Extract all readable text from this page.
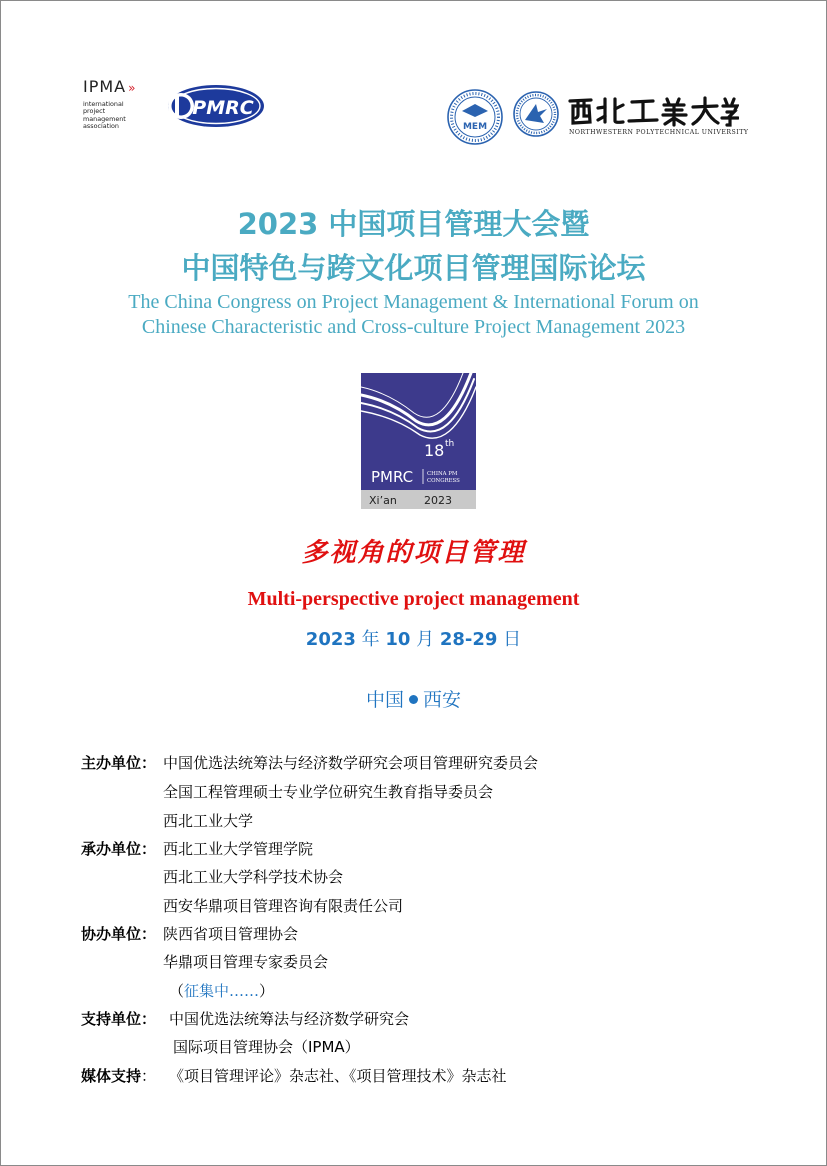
IPMA »
international
project
management
association
PMRC
MEM
NORTHWESTERN POLYTECHNICAL UNIVERSITY
2023 中国项目管理大会暨
中国特色与跨文化项目管理国际论坛
The China Congress on Project Management & International Forum on
Chinese Characteristic and Cross-culture Project Management 2023
18 th
PMRC	CHINA PM
CONGRESS
Xi’an 2023
多视角的项目管理
Multi-perspective project management
2023 年 10 月 28-29 日
中国 西安
主办单位： 中国优选法统筹法与经济数学研究会项目管理研究委员会
全国工程管理硕士专业学位研究生教育指导委员会
西北工业大学
承办单位： 西北工业大学管理学院
西北工业大学科学技术协会
西安华鼎项目管理咨询有限责任公司
协办单位： 陕西省项目管理协会
华鼎项目管理专家委员会
（征集中……）
支持单位： 中国优选法统筹法与经济数学研究会
国际项目管理协会（IPMA）
媒体支持： 《项目管理评论》杂志社、《项目管理技术》杂志社
